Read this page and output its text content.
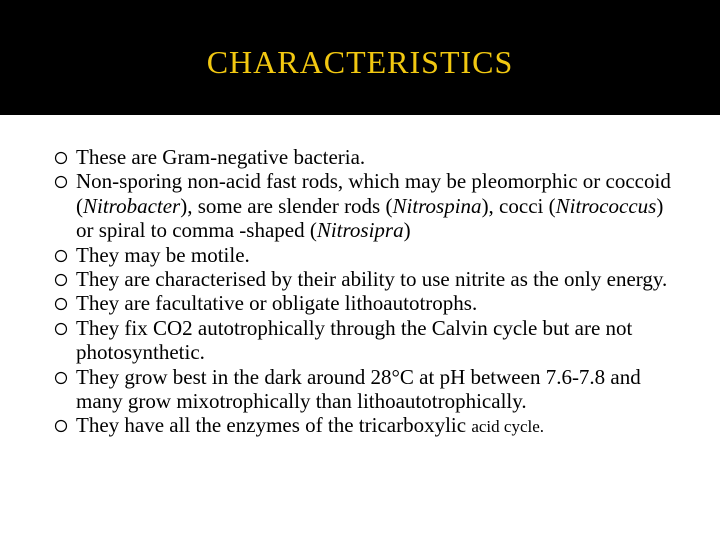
CHARACTERISTICS
These are Gram-negative bacteria.
Non-sporing non-acid fast rods, which may be pleomorphic or coccoid (Nitrobacter), some are slender rods (Nitrospina), cocci (Nitrococcus) or spiral to comma -shaped (Nitrosipra)
They may be motile.
They are characterised by their ability to use nitrite as the only energy.
They are facultative or obligate lithoautotrophs.
They fix CO2 autotrophically through the Calvin cycle but are not photosynthetic.
They grow best in the dark around 28°C at pH between 7.6-7.8 and many grow mixotrophically than lithoautotrophically.
They have all the enzymes of the tricarboxylic acid cycle.
